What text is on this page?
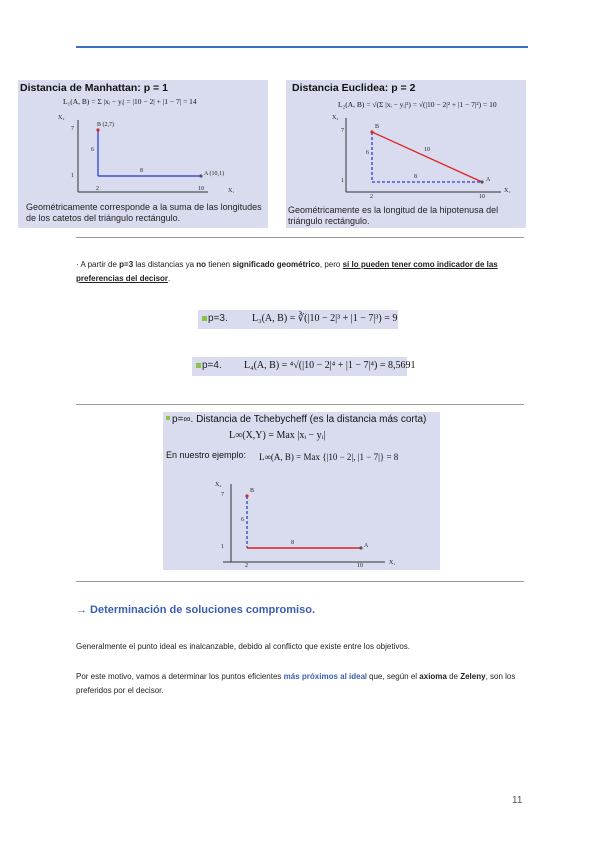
Distancia de Manhattan: p = 1
L₁(A, B) = Σ |xᵢ − yᵢ| = |10 − 2| + |1 − 7| = 14
X₂
7
1
2	10	X₁
B (2,7)
A (10,1)
6
8
Geométricamente corresponde a la suma de las longitudes de los catetos del triángulo rectángulo.
Distancia Euclidea: p = 2
L₂(A, B) = √(Σ |xᵢ − yᵢ|²) = √(|10 − 2|² + |1 − 7|²) = 10
X₂
7
1
2	10
X₁
B
A
6
8
10
Geométricamente es la longitud de la hipotenusa del triángulo rectángulo.
· A partir de p=3 las distancias ya no tienen significado geométrico, pero sí lo pueden tener como indicador de las preferencias del decisor.
p=3. L₃(A, B) = ∛(|10 − 2|³ + |1 − 7|³) = 9
p=4. L₄(A, B) = ⁴√(|10 − 2|⁴ + |1 − 7|⁴) = 8,5691
p=∞. Distancia de Tchebycheff (es la distancia más corta)
L∞(X,Y) = Max |xᵢ − yᵢ|
En nuestro ejemplo: L∞(A, B) = Max {|10 − 2|, |1 − 7|} = 8
X₂
7
1
2	10	X₁
B
A
6
8
→ Determinación de soluciones compromiso.
Generalmente el punto ideal es inalcanzable, debido al conflicto que existe entre los objetivos.
Por este motivo, vamos a determinar los puntos eficientes más próximos al ideal que, según el axioma de Zeleny, son los preferidos por el decisor.
11
